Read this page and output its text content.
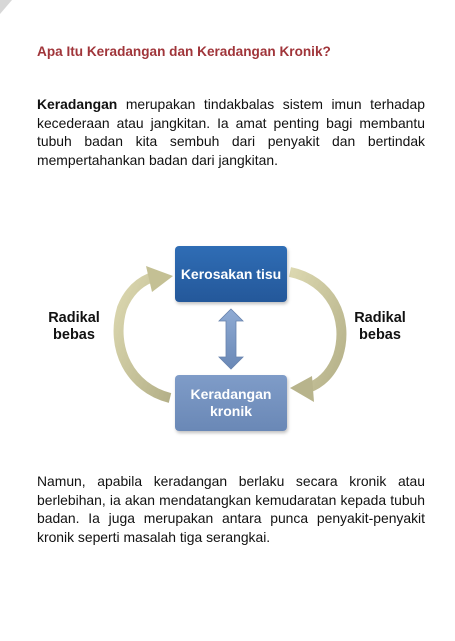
Apa Itu Keradangan dan Keradangan Kronik?

Keradangan merupakan tindakbalas sistem imun terhadap kecederaan atau jangkitan. Ia amat penting bagi membantu tubuh badan kita sembuh dari penyakit dan bertindak mempertahankan badan dari jangkitan.

Kerosakan tisu
Keradangan kronik
Radikal bebas
Radikal bebas

Namun, apabila keradangan berlaku secara kronik atau berlebihan, ia akan mendatangkan kemudaratan kepada tubuh badan. Ia juga merupakan antara punca penyakit-penyakit kronik seperti masalah tiga serangkai.
